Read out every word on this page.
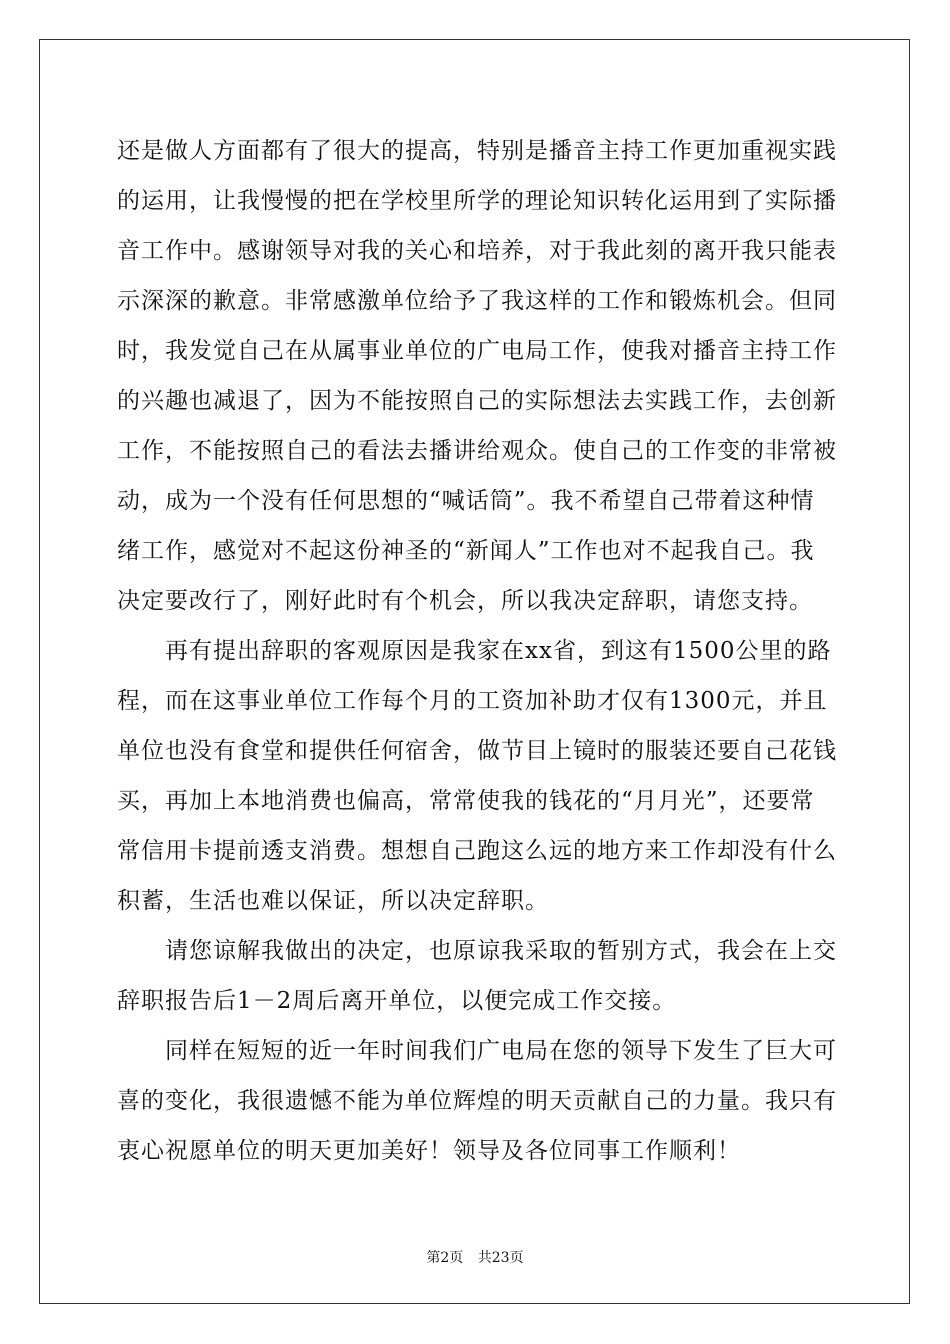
还是做人方面都有了很大的提高，特别是播音主持工作更加重视实践
的运用，让我慢慢的把在学校里所学的理论知识转化运用到了实际播
音工作中。感谢领导对我的关心和培养，对于我此刻的离开我只能表
示深深的歉意。非常感激单位给予了我这样的工作和锻炼机会。但同
时，我发觉自己在从属事业单位的广电局工作，使我对播音主持工作
的兴趣也减退了，因为不能按照自己的实际想法去实践工作，去创新
工作，不能按照自己的看法去播讲给观众。使自己的工作变的非常被
动，成为一个没有任何思想的“喊话筒”。我不希望自己带着这种情
绪工作，感觉对不起这份神圣的“新闻人”工作也对不起我自己。我
决定要改行了，刚好此时有个机会，所以我决定辞职，请您支持。
再有提出辞职的客观原因是我家在xx省，到这有1500公里的路
程，而在这事业单位工作每个月的工资加补助才仅有1300元，并且
单位也没有食堂和提供任何宿舍，做节目上镜时的服装还要自己花钱
买，再加上本地消费也偏高，常常使我的钱花的“月月光”，还要常
常信用卡提前透支消费。想想自己跑这么远的地方来工作却没有什么
积蓄，生活也难以保证，所以决定辞职。
请您谅解我做出的决定，也原谅我采取的暂别方式，我会在上交
辞职报告后1－2周后离开单位，以便完成工作交接。
同样在短短的近一年时间我们广电局在您的领导下发生了巨大可
喜的变化，我很遗憾不能为单位辉煌的明天贡献自己的力量。我只有
衷心祝愿单位的明天更加美好！领导及各位同事工作顺利！
第2页 共23页
